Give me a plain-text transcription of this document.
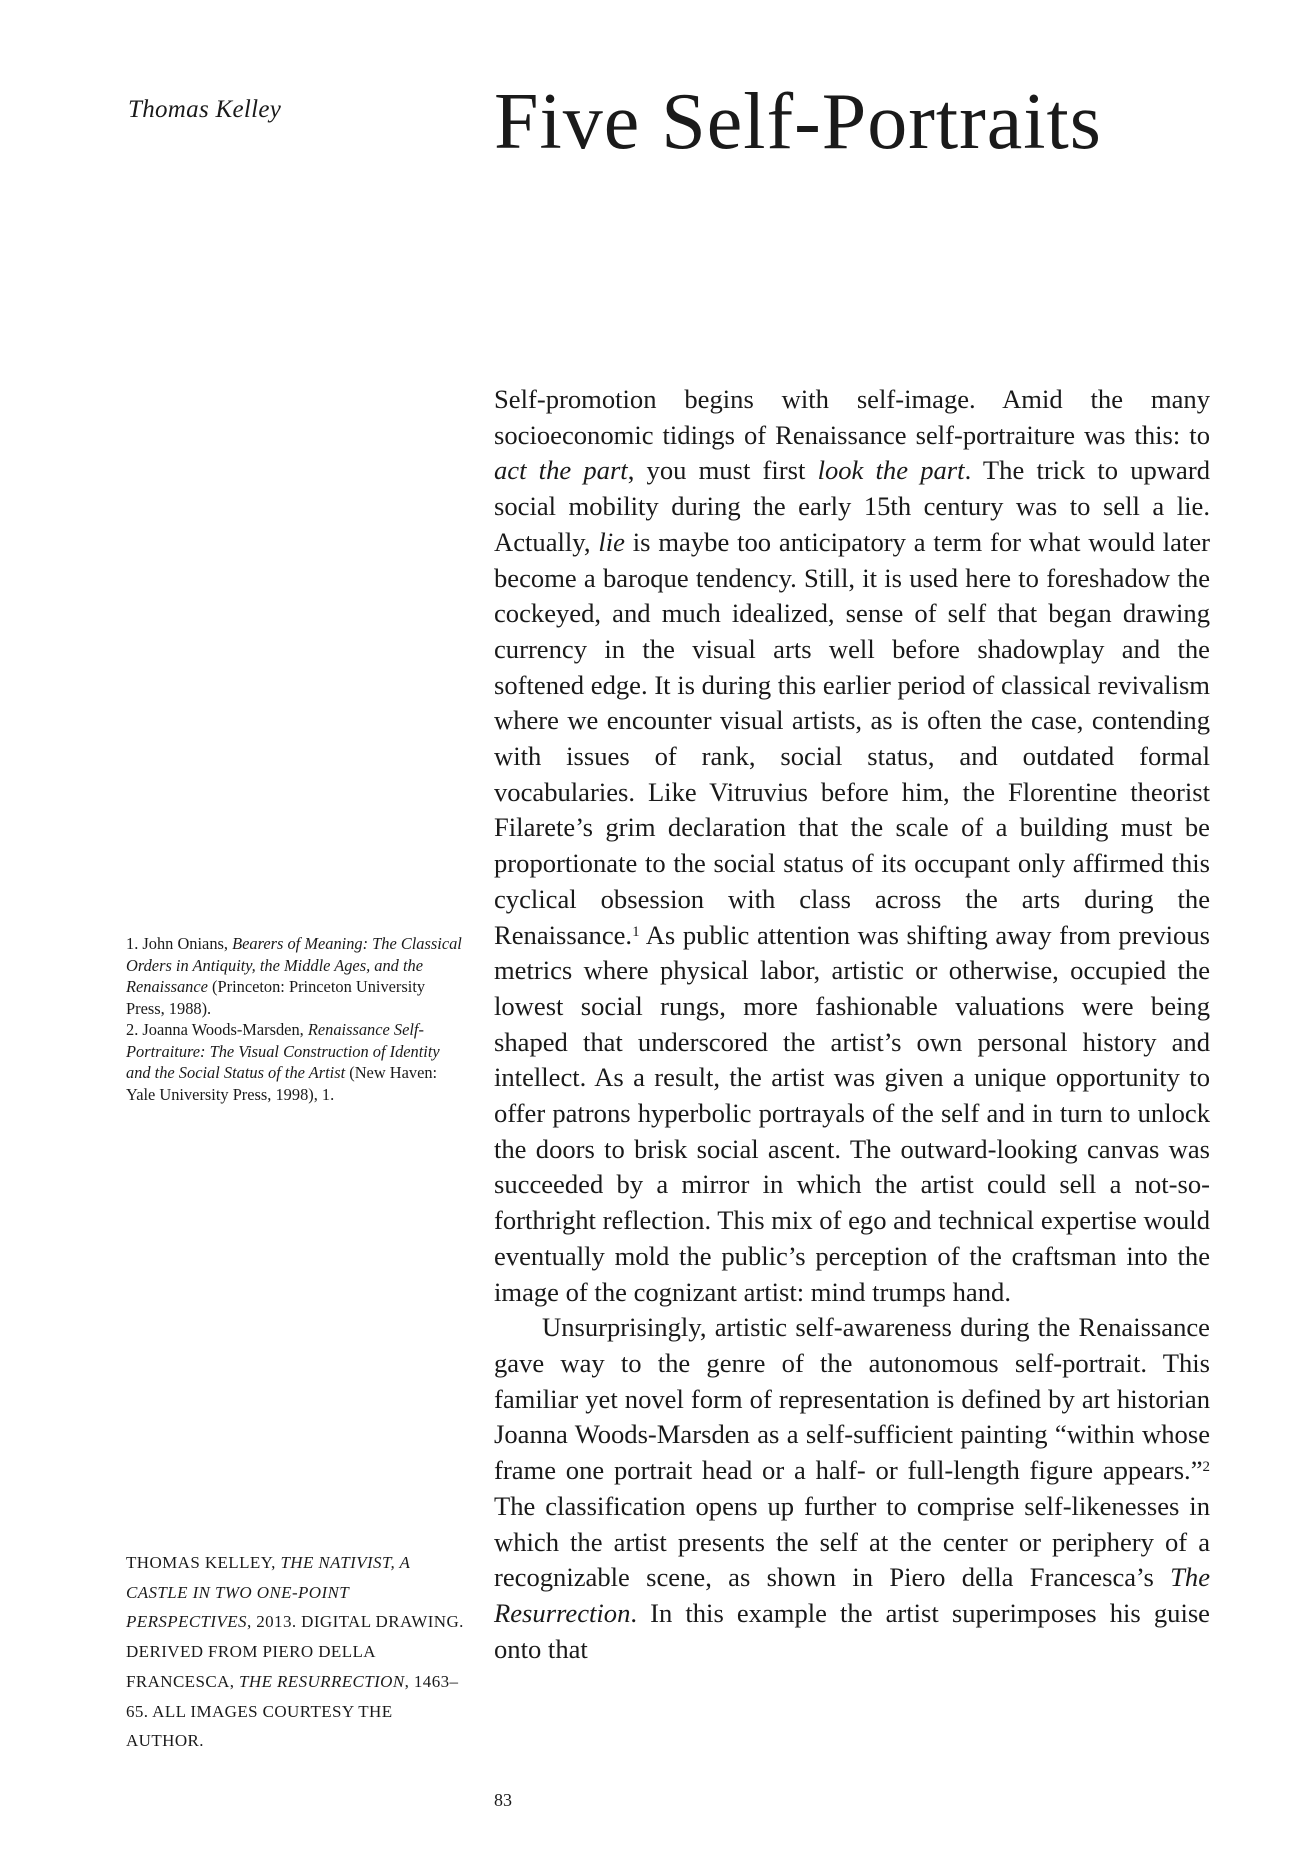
Thomas Kelley	Five Self-Portraits

Self-promotion begins with self-image. Amid the many socioeconomic tidings of Renaissance self-portraiture was this: to act the part, you must first look the part. The trick to upward social mobility during the early 15th century was to sell a lie. Actually, lie is maybe too anticipatory a term for what would later become a baroque tendency. Still, it is used here to foreshadow the cockeyed, and much idealized, sense of self that began drawing currency in the visual arts well before shadowplay and the softened edge. It is during this earlier period of classical revivalism where we encounter visual artists, as is often the case, contending with issues of rank, social status, and outdated formal vocabularies. Like Vitruvius before him, the Florentine theorist Filarete’s grim declaration that the scale of a building must be proportionate to the social status of its occupant only affirmed this cyclical obsession with class across the arts during the Renaissance.$^1$ As public attention was shifting away from previous metrics where physical labor, artistic or otherwise, occupied the lowest social rungs, more fashionable valuations were being shaped that underscored the artist’s own personal history and intellect. As a result, the artist was given a unique opportunity to offer patrons hyperbolic portrayals of the self and in turn to unlock the doors to brisk social ascent. The outward-looking canvas was succeeded by a mirror in which the artist could sell a not-so-forthright reflection. This mix of ego and technical expertise would eventually mold the public’s perception of the craftsman into the image of the cognizant artist: mind trumps hand.

Unsurprisingly, artistic self-awareness during the Renaissance gave way to the genre of the autonomous self-portrait. This familiar yet novel form of representation is defined by art historian Joanna Woods-Marsden as a self-sufficient painting “within whose frame one portrait head or a half- or full-length figure appears.”$^2$ The classification opens up further to comprise self-likenesses in which the artist presents the self at the center or periphery of a recognizable scene, as shown in Piero della Francesca’s The Resurrection. In this example the artist superimposes his guise onto that

1. John Onians, Bearers of Meaning: The Classical Orders in Antiquity, the Middle Ages, and the Renaissance (Princeton: Princeton University Press, 1988).

2. Joanna Woods-Marsden, Renaissance Self-Portraiture: The Visual Construction of Identity and the Social Status of the Artist (New Haven: Yale University Press, 1998), 1.

THOMAS KELLEY, THE NATIVIST, A CASTLE IN TWO ONE-POINT PERSPECTIVES, 2013. DIGITAL DRAWING. DERIVED FROM PIERO DELLA FRANCESCA, THE RESURRECTION, 1463–65. ALL IMAGES COURTESY THE AUTHOR.
83
